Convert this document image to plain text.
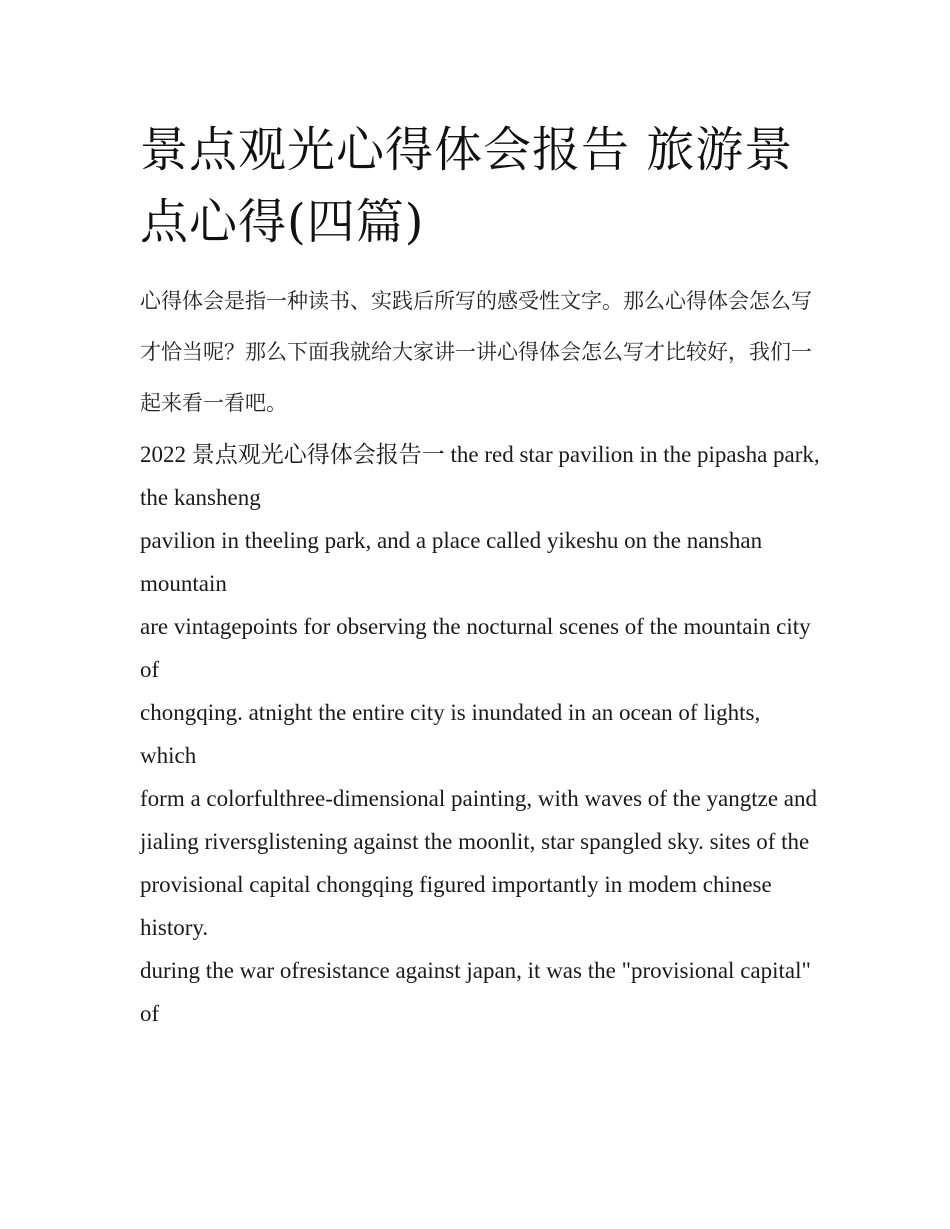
景点观光心得体会报告 旅游景点心得(四篇)

心得体会是指一种读书、实践后所写的感受性文字。那么心得体会怎么写才恰当呢？那么下面我就给大家讲一讲心得体会怎么写才比较好，我们一起来看一看吧。

2022 景点观光心得体会报告一 the red star pavilion in the pipasha park, the kansheng

pavilion in theeling park, and a place called yikeshu on the nanshan mountain

are vintagepoints for observing the nocturnal scenes of the mountain city of

chongqing. atnight the entire city is inundated in an ocean of lights, which

form a colorfulthree-dimensional painting, with waves of the yangtze and

jialing riversglistening against the moonlit, star spangled sky. sites of the

provisional capital chongqing figured importantly in modem chinese history.

during the war ofresistance against japan, it was the "provisional capital" of
